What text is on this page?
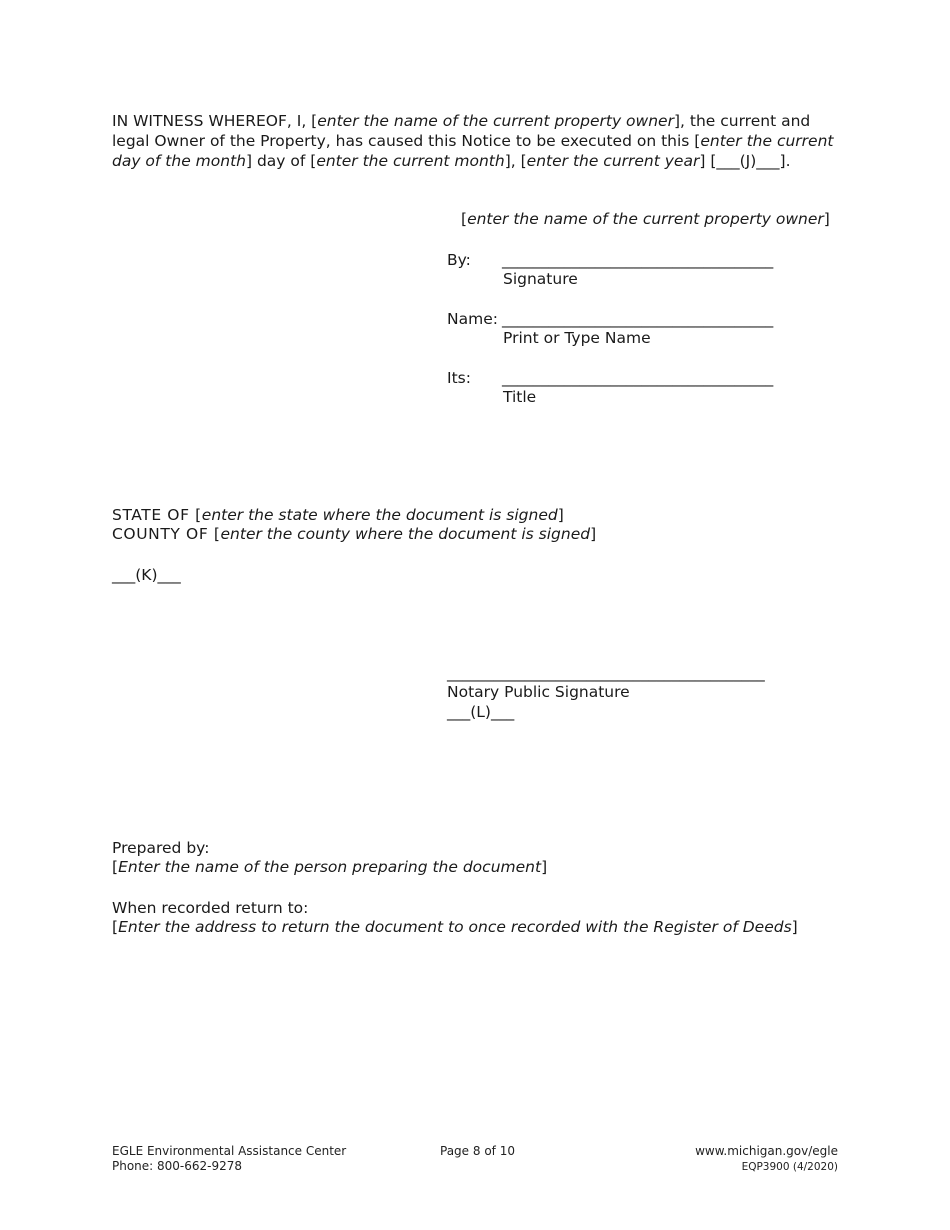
IN WITNESS WHEREOF, I, [enter the name of the current property owner], the current and
legal Owner of the Property, has caused this Notice to be executed on this [enter the current
day of the month] day of [enter the current month], [enter the current year] [___(J)___].
[enter the name of the current property owner]
By: ___________________________________
Signature
Name: ___________________________________
Print or Type Name
Its: ___________________________________
Title
STATE OF [enter the state where the document is signed]
COUNTY OF [enter the county where the document is signed]
___(K)___
_________________________________________
Notary Public Signature
___(L)___
Prepared by:
[Enter the name of the person preparing the document]
When recorded return to:
[Enter the address to return the document to once recorded with the Register of Deeds]
EGLE Environmental Assistance Center
Phone: 800-662-9278
Page 8 of 10	www.michigan.gov/egle
EQP3900 (4/2020)
